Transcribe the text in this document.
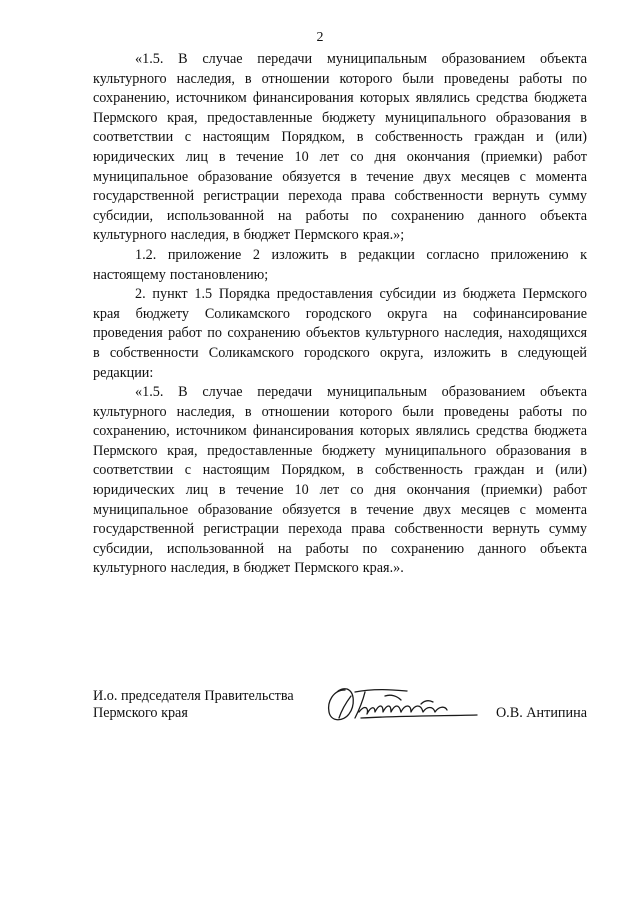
2

«1.5. В случае передачи муниципальным образованием объекта культурного наследия, в отношении которого были проведены работы по сохранению, источником финансирования которых являлись средства бюджета Пермского края, предоставленные бюджету муниципального образования в соответствии с настоящим Порядком, в собственность граждан и (или) юридических лиц в течение 10 лет со дня окончания (приемки) работ муниципальное образование обязуется в течение двух месяцев с момента государственной регистрации перехода права собственности вернуть сумму субсидии, использованной на работы по сохранению данного объекта культурного наследия, в бюджет Пермского края.»;

1.2. приложение 2 изложить в редакции согласно приложению к настоящему постановлению;

2. пункт 1.5 Порядка предоставления субсидии из бюджета Пермского края бюджету Соликамского городского округа на софинансирование проведения работ по сохранению объектов культурного наследия, находящихся в собственности Соликамского городского округа, изложить в следующей редакции:

«1.5. В случае передачи муниципальным образованием объекта культурного наследия, в отношении которого были проведены работы по сохранению, источником финансирования которых являлись средства бюджета Пермского края, предоставленные бюджету муниципального образования в соответствии с настоящим Порядком, в собственность граждан и (или) юридических лиц в течение 10 лет со дня окончания (приемки) работ муниципальное образование обязуется в течение двух месяцев с момента государственной регистрации перехода права собственности вернуть сумму субсидии, использованной на работы по сохранению данного объекта культурного наследия, в бюджет Пермского края.».

И.о. председателя Правительства
Пермского края	О.В. Антипина
